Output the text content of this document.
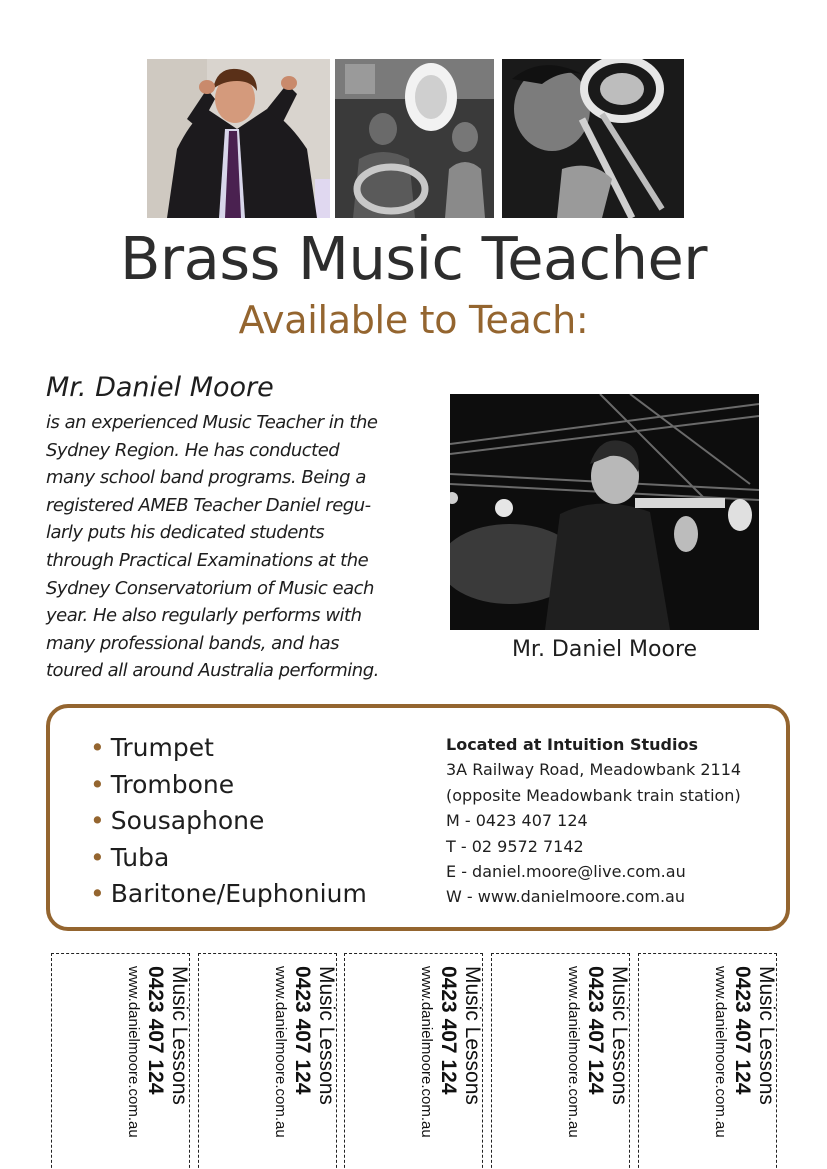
Brass Music Teacher
Available to Teach:
Mr. Daniel Moore
is an experienced Music Teacher in the
Sydney Region. He has conducted
many school band programs. Being a
registered AMEB Teacher Daniel regu-
larly puts his dedicated students
through Practical Examinations at the
Sydney Conservatorium of Music each
year. He also regularly performs with
many professional bands, and has
toured all around Australia performing.
Mr. Daniel Moore
• Trumpet
• Trombone
• Sousaphone
• Tuba
• Baritone/Euphonium
Located at Intuition Studios
3A Railway Road, Meadowbank 2114
(opposite Meadowbank train station)
M - 0423 407 124
T - 02 9572 7142
E - daniel.moore@live.com.au
W - www.danielmoore.com.au
Music Lessons
0423 407 124
www.danielmoore.com.au	Music Lessons
0423 407 124
www.danielmoore.com.au	Music Lessons
0423 407 124
www.danielmoore.com.au	Music Lessons
0423 407 124
www.danielmoore.com.au	Music Lessons
0423 407 124
www.danielmoore.com.au
